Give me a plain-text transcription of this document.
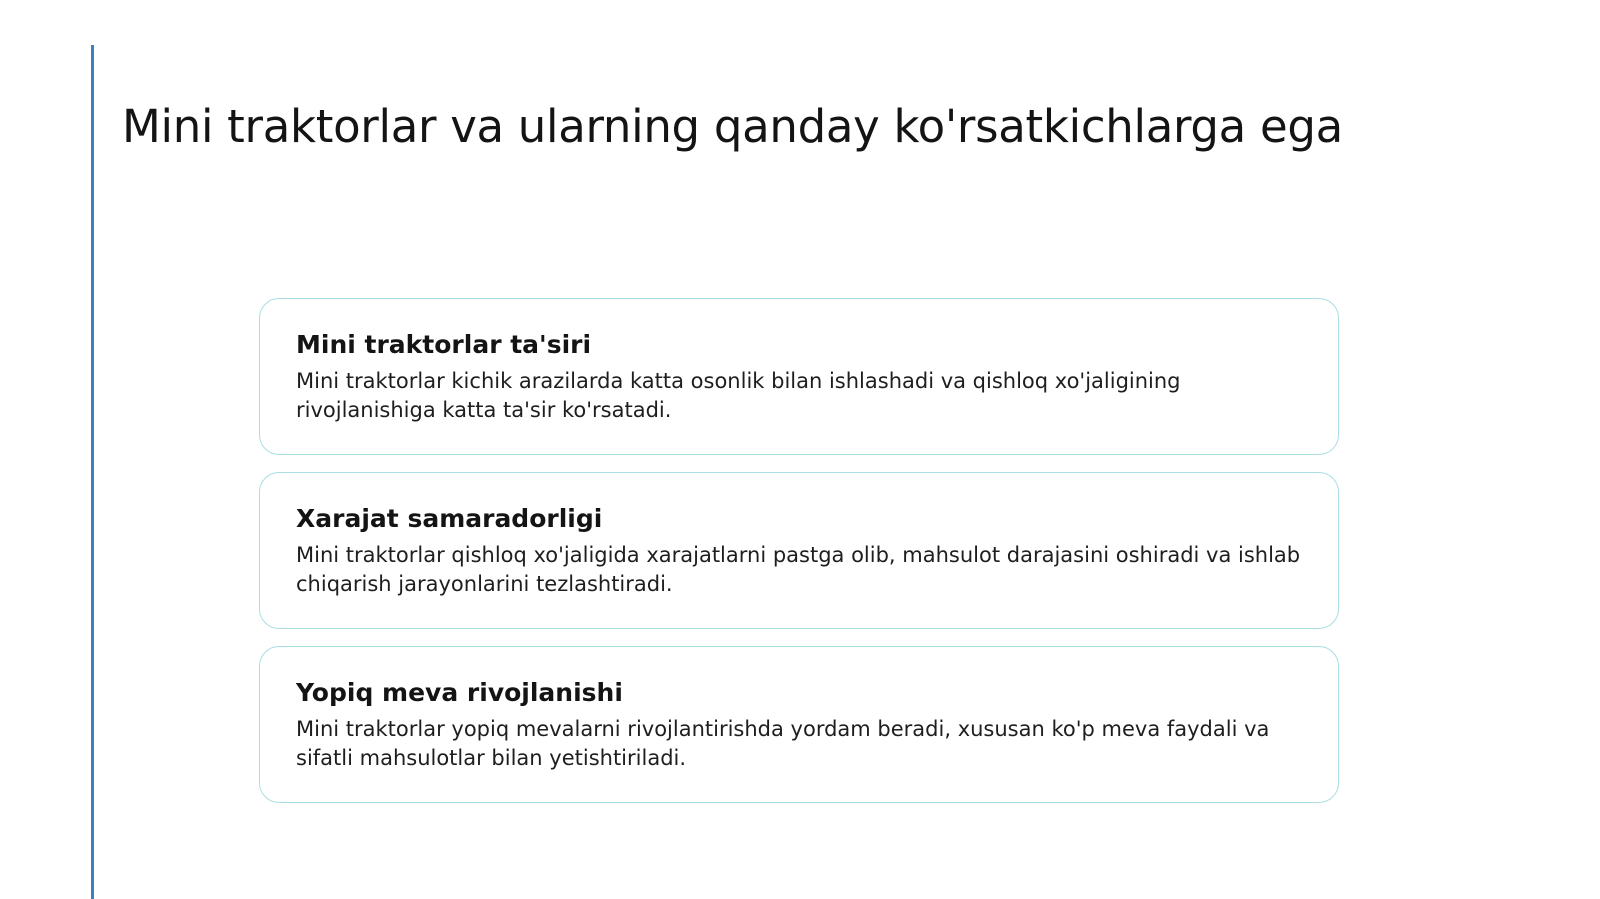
Mini traktorlar va ularning qanday ko'rsatkichlarga ega
Mini traktorlar ta'siri

Mini traktorlar kichik arazilarda katta osonlik bilan ishlashadi va qishloq xo'jaligining rivojlanishiga katta ta'sir ko'rsatadi.

Xarajat samaradorligi

Mini traktorlar qishloq xo'jaligida xarajatlarni pastga olib, mahsulot darajasini oshiradi va ishlab chiqarish jarayonlarini tezlashtiradi.

Yopiq meva rivojlanishi

Mini traktorlar yopiq mevalarni rivojlantirishda yordam beradi, xususan ko'p meva faydali va sifatli mahsulotlar bilan yetishtiriladi.
